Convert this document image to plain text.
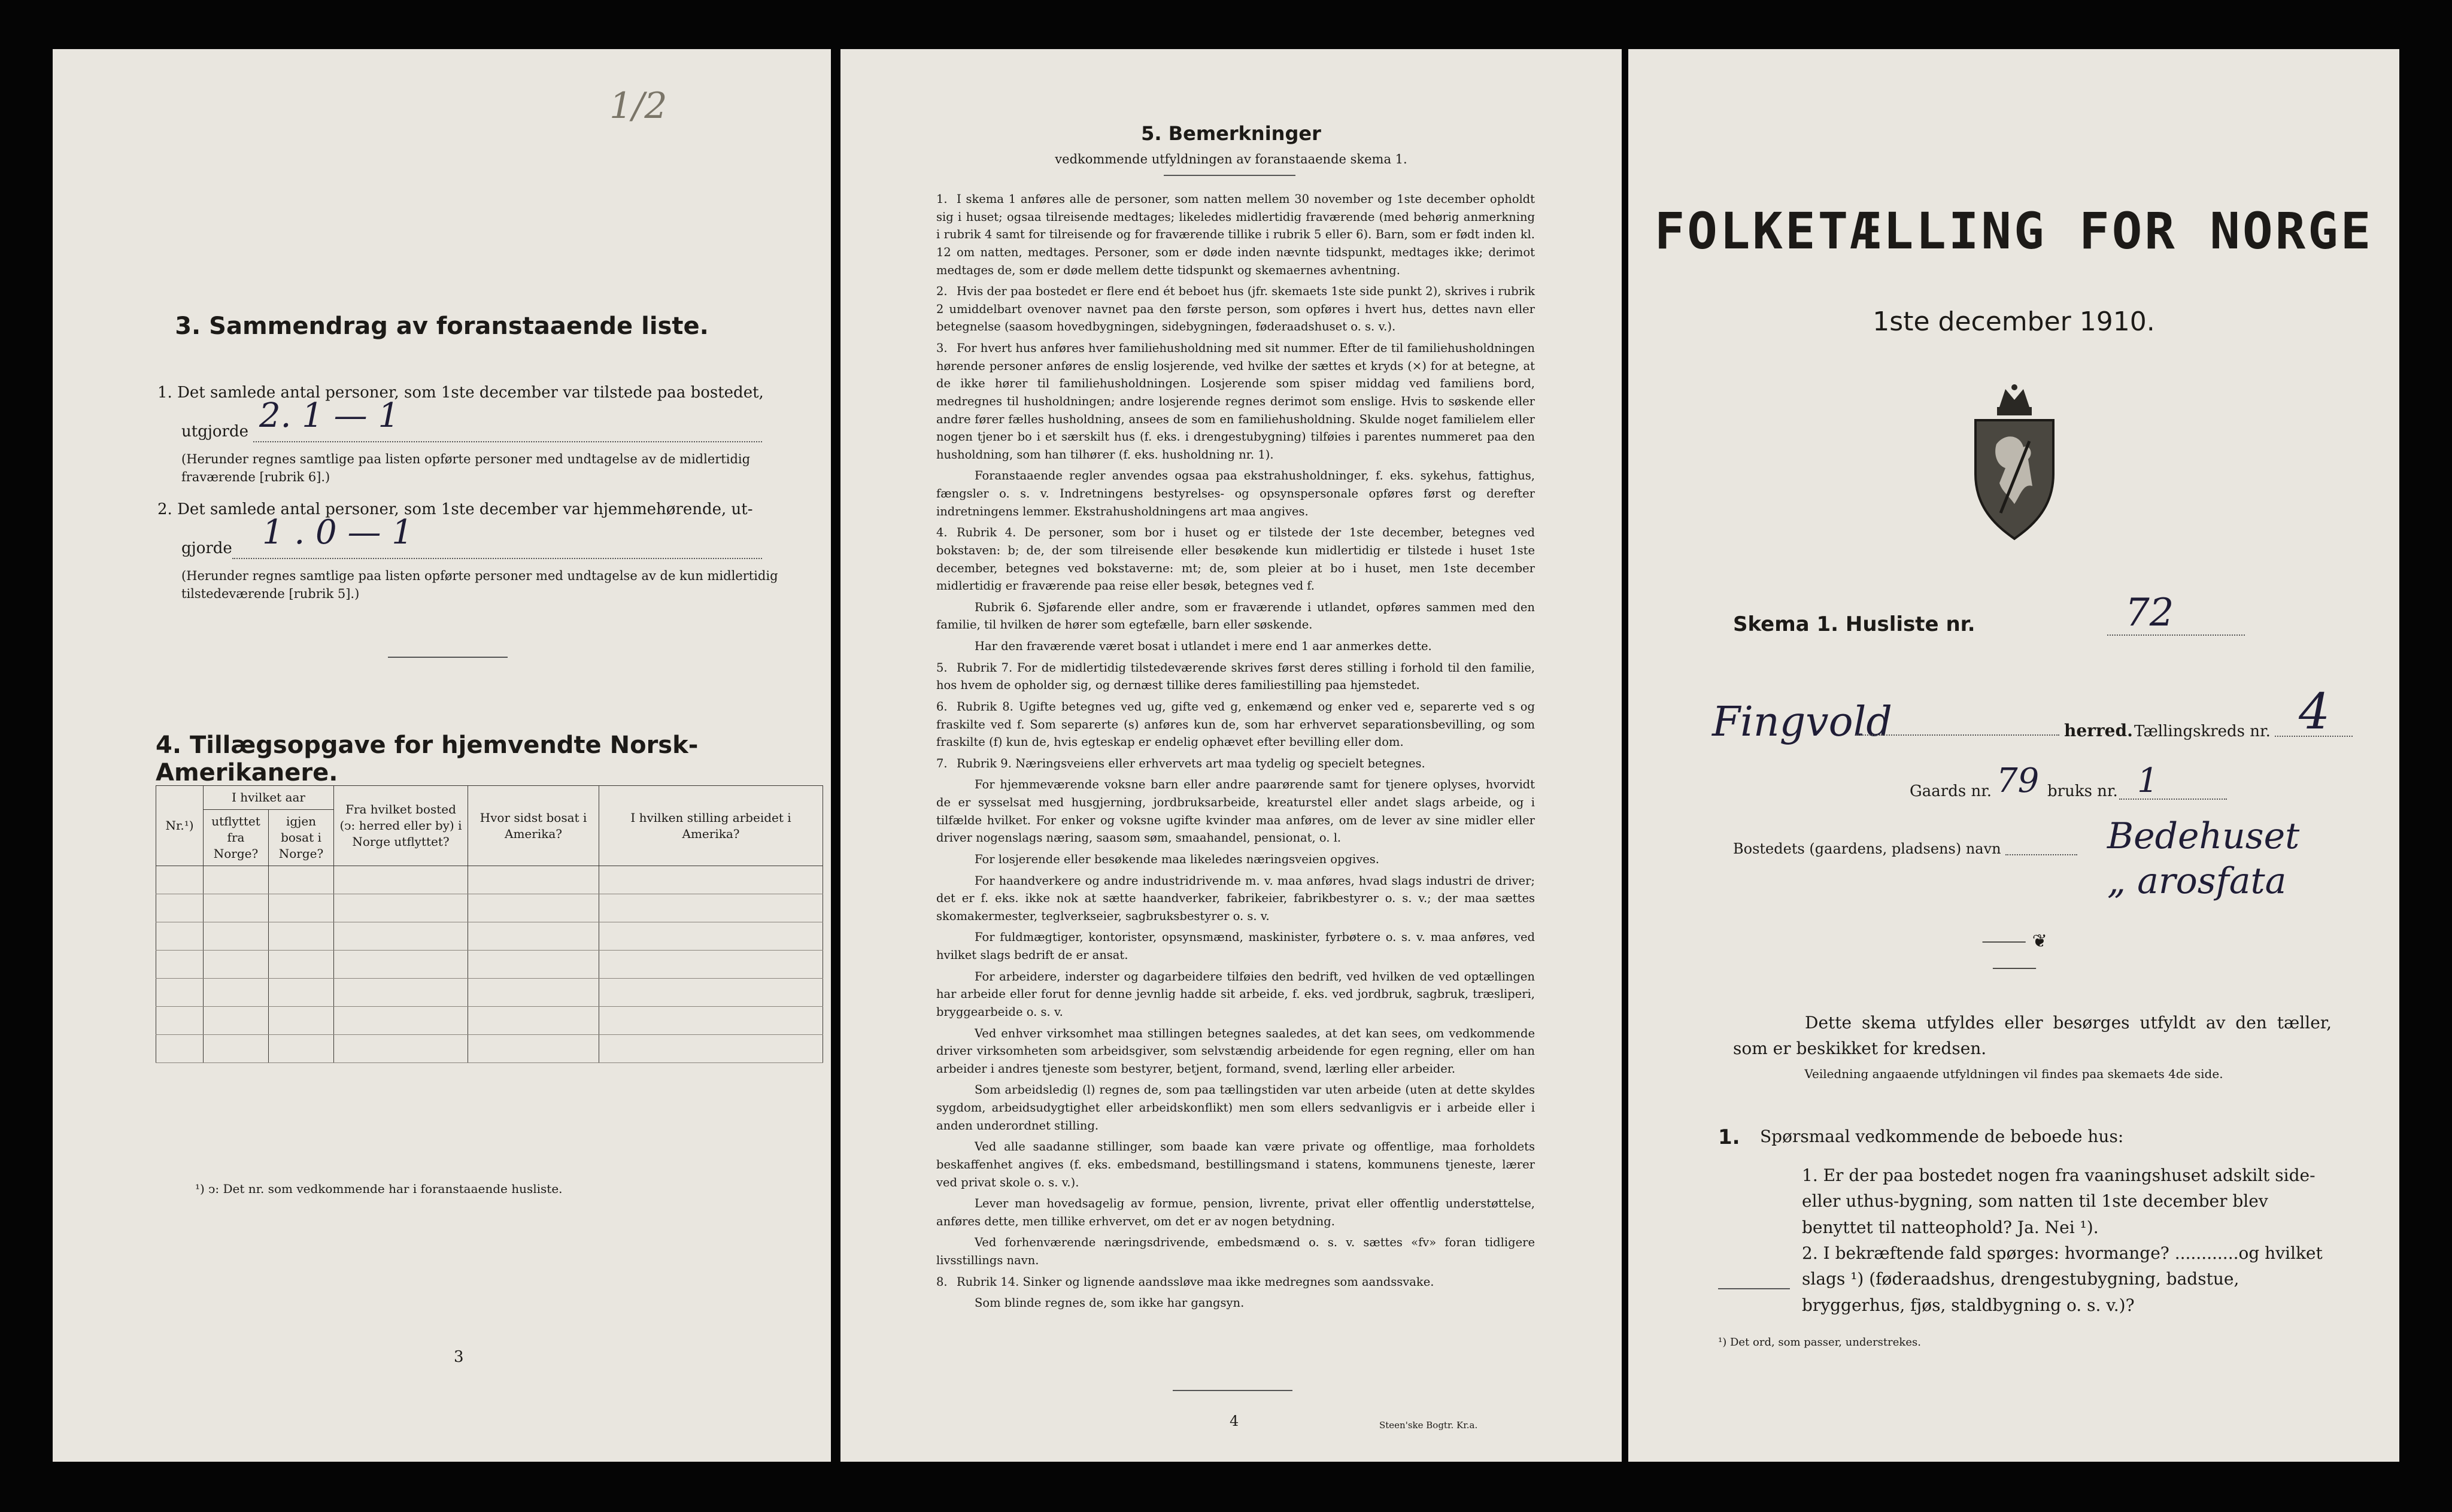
1/2
3. Sammendrag av foranstaaende liste.
1. Det samlede antal personer, som 1ste december var tilstede paa bostedet,
utgjorde 2. 1 — 1
(Herunder regnes samtlige paa listen opførte personer med undtagelse av de midlertidig fraværende [rubrik 6].)
2. Det samlede antal personer, som 1ste december var hjemmehørende, ut-
gjorde 1 . 0 — 1
(Herunder regnes samtlige paa listen opførte personer med undtagelse av de kun midlertidig tilstedeværende [rubrik 5].)
4. Tillægsopgave for hjemvendte Norsk-Amerikanere.
Nr.¹)	I hvilket aar		Fra hvilket bosted (ↄ: herred eller by) i Norge utflyttet?	Hvor sidst bosat i Amerika?	I hvilken stilling arbeidet i Amerika?
	utflyttet fra Norge?	igjen bosat i Norge?			

¹) ↄ: Det nr. som vedkommende har i foranstaaende husliste.
3
5. Bemerkninger
vedkommende utfyldningen av foranstaaende skema 1.

1. I skema 1 anføres alle de personer, som natten mellem 30 november og 1ste december opholdt sig i huset; ogsaa tilreisende medtages; likeledes midlertidig fraværende (med behørig anmerkning i rubrik 4 samt for tilreisende og for fraværende tillike i rubrik 5 eller 6). Barn, som er født inden kl. 12 om natten, medtages. Personer, som er døde inden nævnte tidspunkt, medtages ikke; derimot medtages de, som er døde mellem dette tidspunkt og skemaernes avhentning.

2. Hvis der paa bostedet er flere end ét beboet hus (jfr. skemaets 1ste side punkt 2), skrives i rubrik 2 umiddelbart ovenover navnet paa den første person, som opføres i hvert hus, dettes navn eller betegnelse (saasom hovedbygningen, sidebygningen, føderaadshuset o. s. v.).

3. For hvert hus anføres hver familiehusholdning med sit nummer. Efter de til familiehusholdningen hørende personer anføres de enslig losjerende, ved hvilke der sættes et kryds (×) for at betegne, at de ikke hører til familiehusholdningen. Losjerende som spiser middag ved familiens bord, medregnes til husholdningen; andre losjerende regnes derimot som enslige. Hvis to søskende eller andre fører fælles husholdning, ansees de som en familiehusholdning. Skulde noget familielem eller nogen tjener bo i et særskilt hus (f. eks. i drengestubygning) tilføies i parentes nummeret paa den husholdning, som han tilhører (f. eks. husholdning nr. 1).

Foranstaaende regler anvendes ogsaa paa ekstrahusholdninger, f. eks. sykehus, fattighus, fængsler o. s. v. Indretningens bestyrelses- og opsynspersonale opføres først og derefter indretningens lemmer. Ekstrahusholdningens art maa angives.

4. Rubrik 4. De personer, som bor i huset og er tilstede der 1ste december, betegnes ved bokstaven: b; de, der som tilreisende eller besøkende kun midlertidig er tilstede i huset 1ste december, betegnes ved bokstaverne: mt; de, som pleier at bo i huset, men 1ste december midlertidig er fraværende paa reise eller besøk, betegnes ved f.

Rubrik 6. Sjøfarende eller andre, som er fraværende i utlandet, opføres sammen med den familie, til hvilken de hører som egtefælle, barn eller søskende.

Har den fraværende været bosat i utlandet i mere end 1 aar anmerkes dette.

5. Rubrik 7. For de midlertidig tilstedeværende skrives først deres stilling i forhold til den familie, hos hvem de opholder sig, og dernæst tillike deres familiestilling paa hjemstedet.

6. Rubrik 8. Ugifte betegnes ved ug, gifte ved g, enkemænd og enker ved e, separerte ved s og fraskilte ved f. Som separerte (s) anføres kun de, som har erhvervet separationsbevilling, og som fraskilte (f) kun de, hvis egteskap er endelig ophævet efter bevilling eller dom.

7. Rubrik 9. Næringsveiens eller erhvervets art maa tydelig og specielt betegnes.

For hjemmeværende voksne barn eller andre paarørende samt for tjenere oplyses, hvorvidt de er sysselsat med husgjerning, jordbruksarbeide, kreaturstel eller andet slags arbeide, og i tilfælde hvilket. For enker og voksne ugifte kvinder maa anføres, om de lever av sine midler eller driver nogenslags næring, saasom søm, smaahandel, pensionat, o. l.

For losjerende eller besøkende maa likeledes næringsveien opgives.

For haandverkere og andre industridrivende m. v. maa anføres, hvad slags industri de driver; det er f. eks. ikke nok at sætte haandverker, fabrikeier, fabrikbestyrer o. s. v.; der maa sættes skomakermester, teglverkseier, sagbruksbestyrer o. s. v.

For fuldmægtiger, kontorister, opsynsmænd, maskinister, fyrbøtere o. s. v. maa anføres, ved hvilket slags bedrift de er ansat.

For arbeidere, inderster og dagarbeidere tilføies den bedrift, ved hvilken de ved optællingen har arbeide eller forut for denne jevnlig hadde sit arbeide, f. eks. ved jordbruk, sagbruk, træsliperi, bryggearbeide o. s. v.

Ved enhver virksomhet maa stillingen betegnes saaledes, at det kan sees, om vedkommende driver virksomheten som arbeidsgiver, som selvstændig arbeidende for egen regning, eller om han arbeider i andres tjeneste som bestyrer, betjent, formand, svend, lærling eller arbeider.

Som arbeidsledig (l) regnes de, som paa tællingstiden var uten arbeide (uten at dette skyldes sygdom, arbeidsudygtighet eller arbeidskonflikt) men som ellers sedvanligvis er i arbeide eller i anden underordnet stilling.

Ved alle saadanne stillinger, som baade kan være private og offentlige, maa forholdets beskaffenhet angives (f. eks. embedsmand, bestillingsmand i statens, kommunens tjeneste, lærer ved privat skole o. s. v.).

Lever man hovedsagelig av formue, pension, livrente, privat eller offentlig understøttelse, anføres dette, men tillike erhvervet, om det er av nogen betydning.

Ved forhenværende næringsdrivende, embedsmænd o. s. v. sættes «fv» foran tidligere livsstillings navn.

8. Rubrik 14. Sinker og lignende aandssløve maa ikke medregnes som aandssvake.

Som blinde regnes de, som ikke har gangsyn.

4	Steen'ske Bogtr. Kr.a.
FOLKETÆLLING FOR NORGE
1ste december 1910.
Skema 1. Husliste nr.	72
Fingvold	herred. Tællingskreds nr. 4
Gaards nr. 79 bruks nr. 1
Bostedets (gaardens, pladsens) navn	Bedehuset
„ arosfata
⸻ ❦ ⸻
Dette skema utfyldes eller besørges utfyldt av den tæller, som er beskikket for kredsen.
Veiledning angaaende utfyldningen vil findes paa skemaets 4de side.
1. Spørsmaal vedkommende de beboede hus:
1. Er der paa bostedet nogen fra vaaningshuset adskilt side- eller uthus-bygning, som natten til 1ste december blev benyttet til natteophold? Ja. Nei ¹).
2. I bekræftende fald spørges: hvormange? ............og hvilket slags ¹) (føderaadshus, drengestubygning, badstue, bryggerhus, fjøs, staldbygning o. s. v.)?
¹) Det ord, som passer, understrekes.
